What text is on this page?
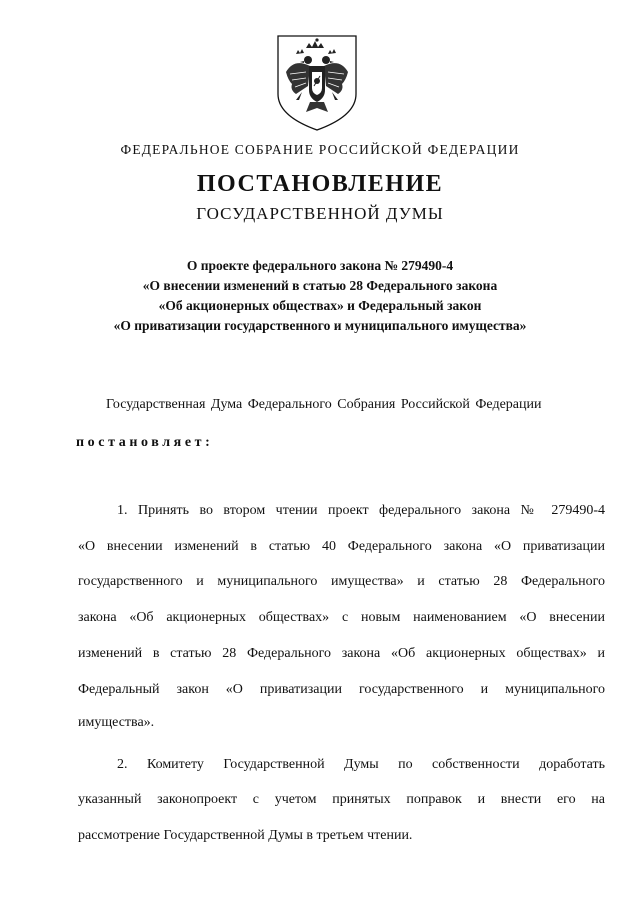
ФЕДЕРАЛЬНОЕ СОБРАНИЕ РОССИЙСКОЙ ФЕДЕРАЦИИ
ПОСТАНОВЛЕНИЕ
ГОСУДАРСТВЕННОЙ ДУМЫ
О проекте федерального закона № 279490-4
«О внесении изменений в статью 28 Федерального закона
«Об акционерных обществах» и Федеральный закон
«О приватизации государственного и муниципального имущества»
Государственная Дума Федерального Собрания Российской Федерации
постановляет:
1. Принять во втором чтении проект федерального закона № 279490-4
«О внесении изменений в статью 40 Федерального закона «О приватизации
государственного и муниципального имущества» и статью 28 Федерального
закона «Об акционерных обществах» с новым наименованием «О внесении
изменений в статью 28 Федерального закона «Об акционерных обществах» и
Федеральный закон «О приватизации государственного и муниципального
имущества».
2. Комитету Государственной Думы по собственности доработать
указанный законопроект с учетом принятых поправок и внести его на
рассмотрение Государственной Думы в третьем чтении.
